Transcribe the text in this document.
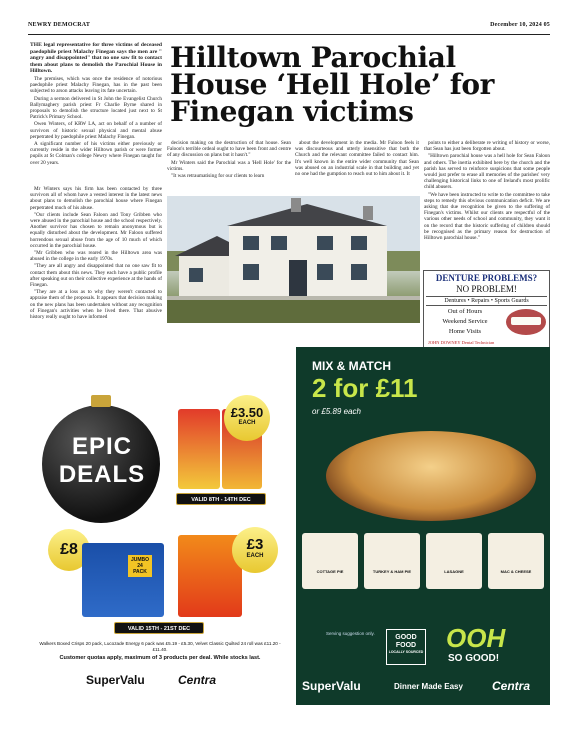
NEWRY DEMOCRAT	December 10, 2024 05
Hilltown Parochial House ‘Hell Hole’ for Finegan victims

THE legal representative for three victims of deceased paedophile priest Malachy Finegan says the men are " angry and disappointed" that no one saw fit to contact them about plans to demolish the Parochial House in Hilltown.

The premises, which was once the residence of notorious paedophile priest Malachy Finegan, has in the past been subjected to arson attacks leaving its fate uncertain.

During a sermon delivered in St John the Evangelist Church Ballymaghery parish priest Fr Charlie Byrne shared in proposals to demolish the structure located just next to St Patrick's Primary School.

Owen Winters, of KRW LA, act on behalf of a number of survivors of historic sexual physical and mental abuse perpetrated by paedophile priest Malachy Finegan.

A significant number of his victims either previously or currently reside in the wider Hilltown parish or were former pupils at St Colman's college Newry where Finegan taught for over 20 years.

Mr Winters says his firm has been contacted by three survivors all of whom have a vested interest in the latest news about plans to demolish the parochial house where Finegan perpetrated much of his abuse.

"Our clients include Sean Faloon and Tony Gribben who were abused in the parochial house and the school respectively. Another survivor has chosen to remain anonymous but is equally disturbed about the development. Mr Faloon suffered horrendous sexual abuse from the age of 10 much of which occurred in the parochial house.

"Mr Gribben who was reared in the Hilltown area was abused in the college in the early 1970s.

"They are all angry and disappointed that no one saw fit to contact them about this news. They each have a public profile after speaking out on their collective experience at the hands of Finegan.

"They are at a loss as to why they weren't contacted to appraise them of the proposals. It appears that decision making on the new plans has been undertaken without any recognition of Finegan's activities when he lived there. That abusive history really ought to have informed

decision making on the destruction of that house. Sean Faloon's terrible ordeal ought to have been front and centre of any discussion on plans but it hasn't."

Mr Winters said the Parochial was a 'Hell Hole' for the victims.

"It was retraumatising for our clients to learn

about the development in the media. Mr Faloon feels it was discourteous and utterly insensitive that both the Church and the relevant committee failed to contact him. It's well known in the entire wider community that Sean was abused on an industrial scale in that building and yet no one had the gumption to reach out to him about it. It

points to either a deliberate re writing of history or worse, that Sean has just been forgotten about.

"Hilltown parochial house was a hell hole for Sean Faloon and others. The inertia exhibited here by the church and the parish has served to reinforce suspicions that some people would just prefer to erase all memories of the parishes' very challenging historical links to one of Ireland's most prolific child abusers.

"We have been instructed to write to the committee to take steps to remedy this obvious communication deficit. We are asking that due recognition be given to the suffering of Finegan's victims. Whilst our clients are respectful of the various other needs of school and community, they want it on the record that the historic suffering of children should be recognised as the primary reason for destruction of Hilltown parochial house."

DENTURE PROBLEMS?
NO PROBLEM!
Dentures • Repairs • Sports Guards
Out of Hours
Weekend Service
Home Visits
JOHN DOWNEY Dental Technician
EPIC
DEALS
£3.50
EACH
VALID 8TH - 14TH DEC
£8
JUMBO 24 PACK
£3
EACH
VALID 15TH - 21ST DEC
Walkers Boxed Crisps 20 pack, Lucozade Energy 6 pack was £5.19 - £5.30, Velvet Classic Quilted 24 roll was £11.20 - £11.40.
Customer quotas apply, maximum of 3 products per deal. While stocks last.
SuperValu	Centra
MIX & MATCH
2 for £11
or £5.89 each
COTTAGE PIE	TURKEY & HAM PIE	LASAGNE	MAC & CHEESE
Serving suggestion only.
GOOD
FOOD
LOCALLY SOURCED OOH
SO GOOD!
SuperValu	Dinner Made Easy Centra
